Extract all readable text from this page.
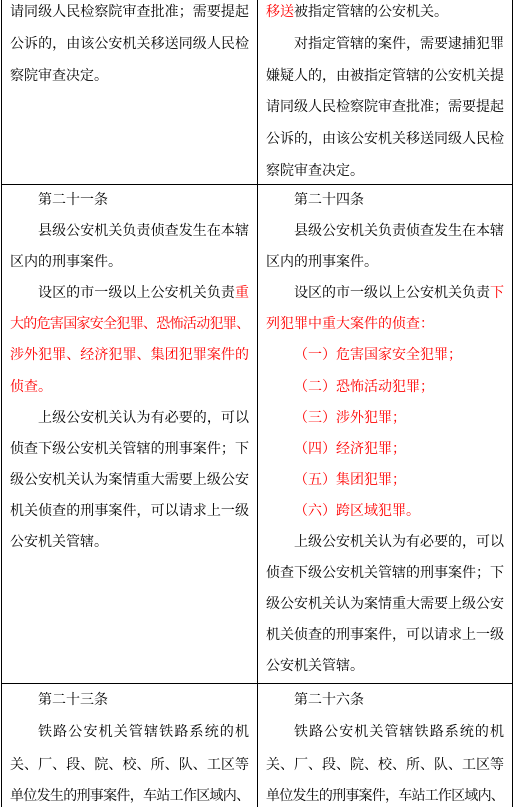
请同级人民检察院审查批准；需要提起
公诉的，由该公安机关移送同级人民检
察院审查决定。
移送被指定管辖的公安机关。
对指定管辖的案件，需要逮捕犯罪
嫌疑人的，由被指定管辖的公安机关提
请同级人民检察院审查批准；需要提起
公诉的，由该公安机关移送同级人民检
察院审查决定。
第二十一条
县级公安机关负责侦查发生在本辖
区内的刑事案件。
设区的市一级以上公安机关负责重
大的危害国家安全犯罪、恐怖活动犯罪、
涉外犯罪、经济犯罪、集团犯罪案件的
侦查。
上级公安机关认为有必要的，可以
侦查下级公安机关管辖的刑事案件；下
级公安机关认为案情重大需要上级公安
机关侦查的刑事案件，可以请求上一级
公安机关管辖。
第二十四条
县级公安机关负责侦查发生在本辖
区内的刑事案件。
设区的市一级以上公安机关负责下
列犯罪中重大案件的侦查：
（一）危害国家安全犯罪；
（二）恐怖活动犯罪；
（三）涉外犯罪；
（四）经济犯罪；
（五）集团犯罪；
（六）跨区域犯罪。
上级公安机关认为有必要的，可以
侦查下级公安机关管辖的刑事案件；下
级公安机关认为案情重大需要上级公安
机关侦查的刑事案件，可以请求上一级
公安机关管辖。
第二十三条
铁路公安机关管辖铁路系统的机
关、厂、段、院、校、所、队、工区等
单位发生的刑事案件，车站工作区域内、
第二十六条
铁路公安机关管辖铁路系统的机
关、厂、段、院、校、所、队、工区等
单位发生的刑事案件，车站工作区域内、
